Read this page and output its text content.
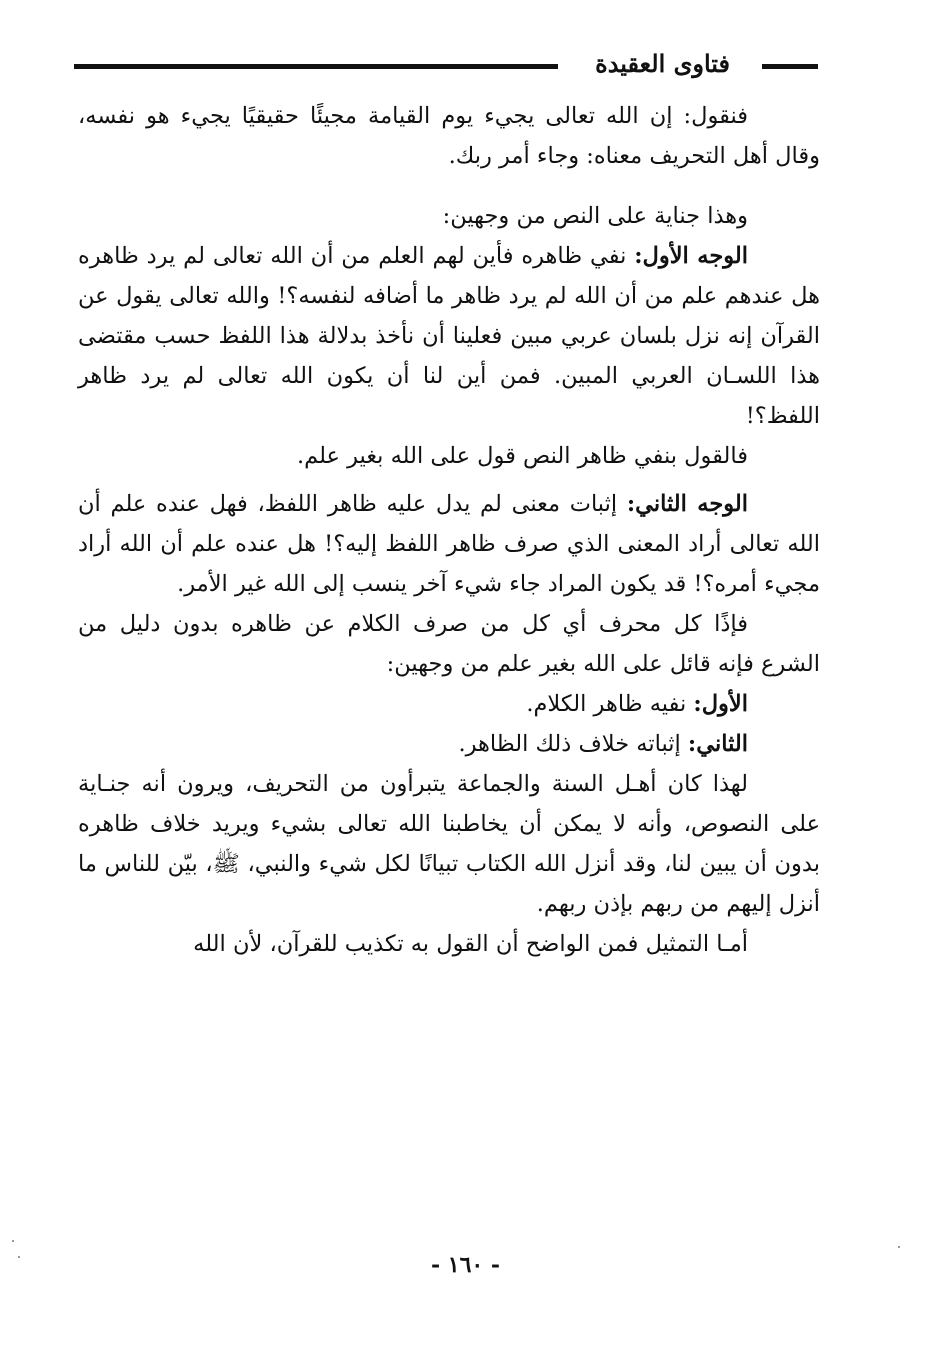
فتاوى العقيدة

فنقول: إن الله تعالى يجيء يوم القيامة مجيئًا حقيقيًا يجيء هو نفسه، وقال أهل التحريف معناه: وجاء أمر ربك.

وهذا جناية على النص من وجهين:

الوجه الأول: نفي ظاهره فأين لهم العلم من أن الله تعالى لم يرد ظاهره هل عندهم علم من أن الله لم يرد ظاهر ما أضافه لنفسه؟! والله تعالى يقول عن القرآن إنه نزل بلسان عربي مبين فعلينا أن نأخذ بدلالة هذا اللفظ حسب مقتضى هذا اللسـان العربي المبين. فمن أين لنا أن يكون الله تعالى لم يرد ظاهر اللفظ؟!

فالقول بنفي ظاهر النص قول على الله بغير علم.

الوجه الثاني: إثبات معنى لم يدل عليه ظاهر اللفظ، فهل عنده علم أن الله تعالى أراد المعنى الذي صرف ظاهر اللفظ إليه؟! هل عنده علم أن الله أراد مجيء أمره؟! قد يكون المراد جاء شيء آخر ينسب إلى الله غير الأمر.

فإذًا كل محرف أي كل من صرف الكلام عن ظاهره بدون دليل من الشرع فإنه قائل على الله بغير علم من وجهين:

الأول: نفيه ظاهر الكلام.

الثاني: إثباته خلاف ذلك الظاهر.

لهذا كان أهـل السنة والجماعة يتبرأون من التحريف، ويرون أنه جنـاية على النصوص، وأنه لا يمكن أن يخاطبنا الله تعالى بشيء ويريد خلاف ظاهره بدون أن يبين لنا، وقد أنزل الله الكتاب تبيانًا لكل شيء والنبي، ﷺ، بيّن للناس ما أنزل إليهم من ربهم بإذن ربهم.

أمـا التمثيل فمن الواضح أن القول به تكذيب للقرآن، لأن الله

- ١٦٠ -
